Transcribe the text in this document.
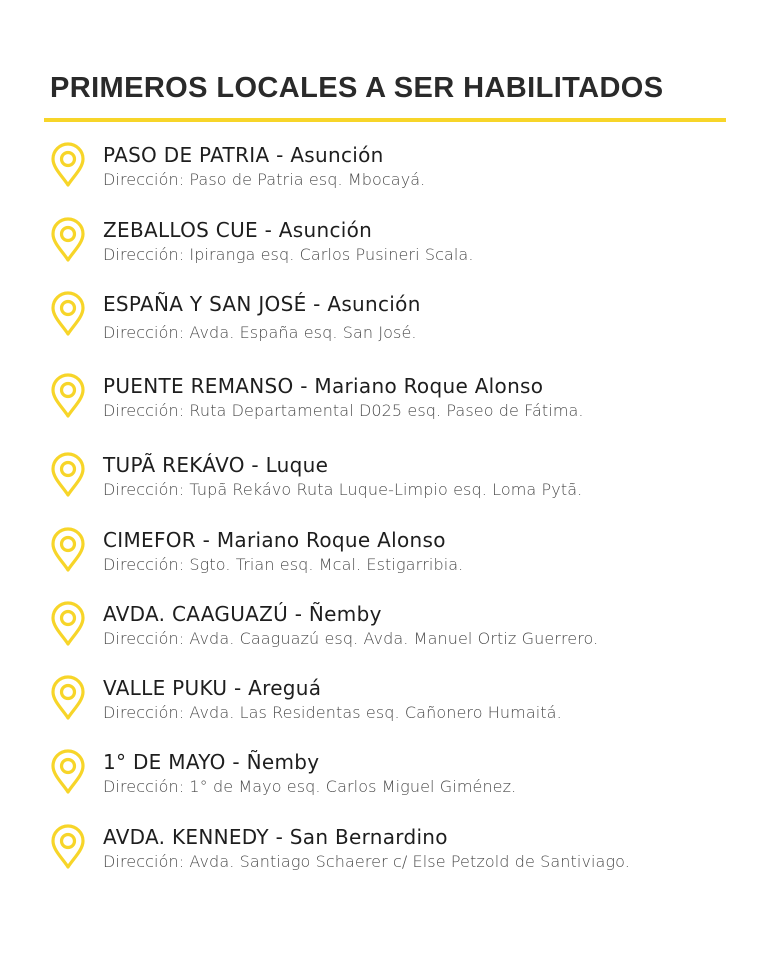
PRIMEROS LOCALES A SER HABILITADOS

PASO DE PATRIA - Asunción

Dirección: Paso de Patria esq. Mbocayá.

ZEBALLOS CUE - Asunción

Dirección: Ipiranga esq. Carlos Pusineri Scala.

ESPAÑA Y SAN JOSÉ - Asunción

Dirección: Avda. España esq. San José.

PUENTE REMANSO - Mariano Roque Alonso

Dirección: Ruta Departamental D025 esq. Paseo de Fátima.

TUPÃ REKÁVO - Luque

Dirección: Tupã Rekávo Ruta Luque-Limpio esq. Loma Pytã.

CIMEFOR - Mariano Roque Alonso

Dirección: Sgto. Trian esq. Mcal. Estigarribia.

AVDA. CAAGUAZÚ - Ñemby

Dirección: Avda. Caaguazú esq. Avda. Manuel Ortiz Guerrero.

VALLE PUKU - Areguá

Dirección: Avda. Las Residentas esq. Cañonero Humaitá.

1° DE MAYO - Ñemby

Dirección: 1° de Mayo esq. Carlos Miguel Giménez.

AVDA. KENNEDY - San Bernardino

Dirección: Avda. Santiago Schaerer c/ Else Petzold de Santiviago.
